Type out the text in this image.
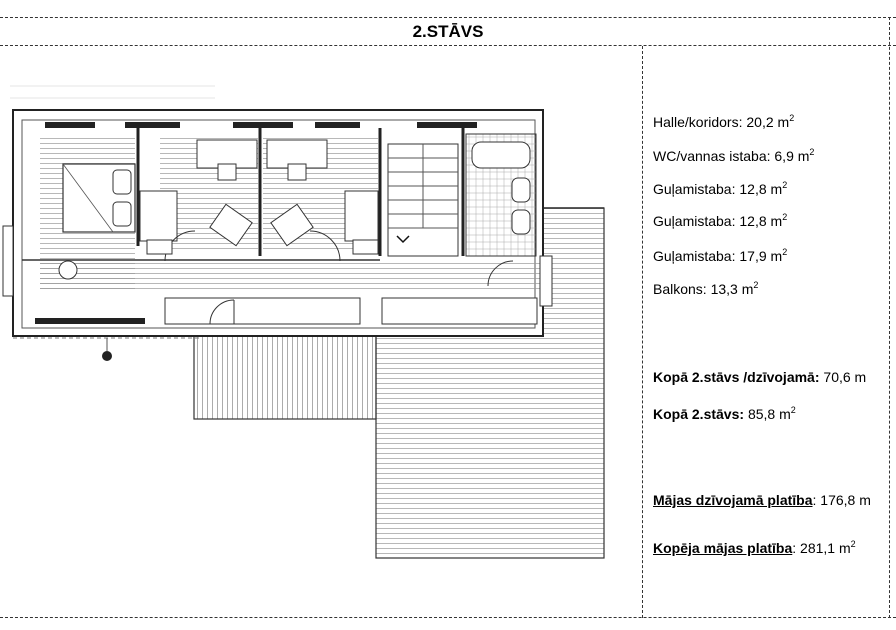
2.STĀVS
Halle/koridors: 20,2 $m^2$
WC/vannas istaba: 6,9 $m^2$
Guļamistaba: 12,8 $m^2$
Guļamistaba: 12,8 $m^2$
Guļamistaba: 17,9 $m^2$
Balkons: 13,3 $m^2$
Kopā 2.stāvs /dzīvojamā: 70,6 m
Kopā 2.stāvs: 85,8 $m^2$
Mājas dzīvojamā platība: 176,8 m
Kopēja mājas platība: 281,1 $m^2$
